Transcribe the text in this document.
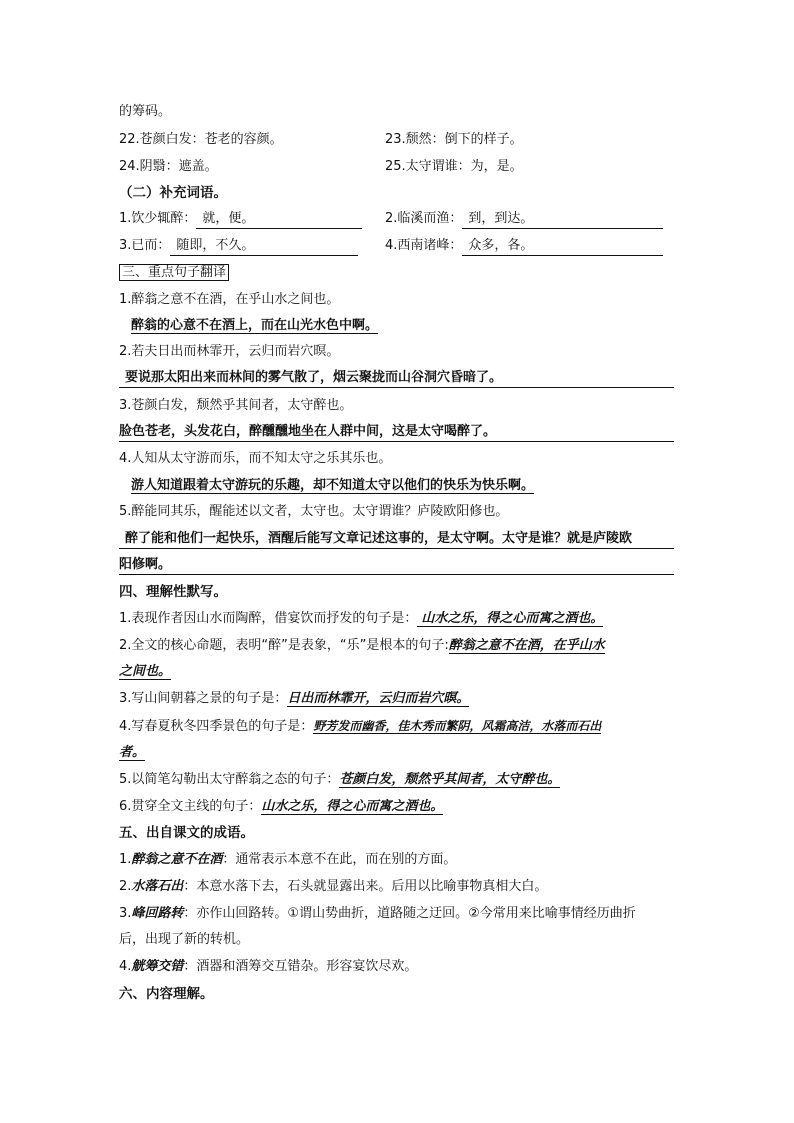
的筹码。
22.苍颜白发：苍老的容颜。	23.颓然：倒下的样子。
24.阴翳：遮盖。	25.太守谓谁：为，是。
（二）补充词语。
1.饮少辄醉： 就，便。	2.临溪而渔： 到，到达。
3.已而： 随即，不久。	4.西南诸峰： 众多，各。
三、重点句子翻译
1.醉翁之意不在酒，在乎山水之间也。
醉翁的心意不在酒上，而在山光水色中啊。
2.若夫日出而林霏开，云归而岩穴暝。
要说那太阳出来而林间的雾气散了，烟云聚拢而山谷洞穴昏暗了。
3.苍颜白发，颓然乎其间者，太守醉也。
脸色苍老，头发花白，醉醺醺地坐在人群中间，这是太守喝醉了。
4.人知从太守游而乐，而不知太守之乐其乐也。
游人知道跟着太守游玩的乐趣，却不知道太守以他们的快乐为快乐啊。
5.醉能同其乐，醒能述以文者，太守也。太守谓谁？庐陵欧阳修也。
醉了能和他们一起快乐，酒醒后能写文章记述这事的，是太守啊。太守是谁？就是庐陵欧
阳修啊。
四、理解性默写。
1.表现作者因山水而陶醉，借宴饮而抒发的句子是： 山水之乐，得之心而寓之酒也。
2.全文的核心命题，表明“醉”是表象，“乐”是根本的句子:醉翁之意不在酒，在乎山水
之间也。
3.写山间朝暮之景的句子是：日出而林霏开，云归而岩穴暝。
4.写春夏秋冬四季景色的句子是：野芳发而幽香，佳木秀而繁阴，风霜高洁，水落而石出
者。
5.以简笔勾勒出太守醉翁之态的句子：苍颜白发，颓然乎其间者，太守醉也。
6.贯穿全文主线的句子：山水之乐，得之心而寓之酒也。
五、出自课文的成语。
1.醉翁之意不在酒：通常表示本意不在此，而在别的方面。
2.水落石出：本意水落下去，石头就显露出来。后用以比喻事物真相大白。
3.峰回路转：亦作山回路转。①谓山势曲折，道路随之迂回。②今常用来比喻事情经历曲折
后，出现了新的转机。
4.觥筹交错：酒器和酒筹交互错杂。形容宴饮尽欢。
六、内容理解。
